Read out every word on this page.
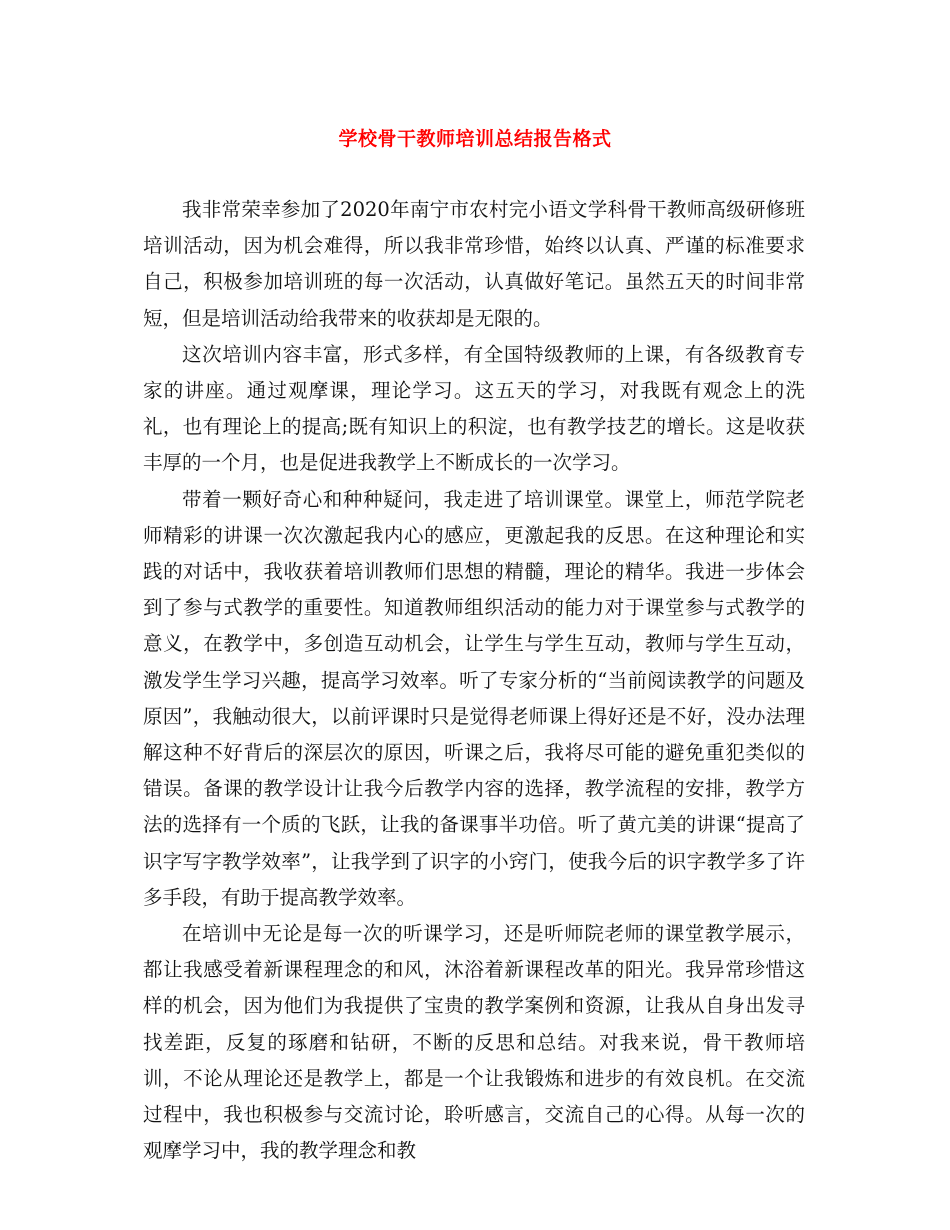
学校骨干教师培训总结报告格式

我非常荣幸参加了2020年南宁市农村完小语文学科骨干教师高级研修班培训活动，因为机会难得，所以我非常珍惜，始终以认真、严谨的标准要求自己，积极参加培训班的每一次活动，认真做好笔记。虽然五天的时间非常短，但是培训活动给我带来的收获却是无限的。

这次培训内容丰富，形式多样，有全国特级教师的上课，有各级教育专家的讲座。通过观摩课，理论学习。这五天的学习，对我既有观念上的洗礼，也有理论上的提高;既有知识上的积淀，也有教学技艺的增长。这是收获丰厚的一个月，也是促进我教学上不断成长的一次学习。

带着一颗好奇心和种种疑问，我走进了培训课堂。课堂上，师范学院老师精彩的讲课一次次激起我内心的感应，更激起我的反思。在这种理论和实践的对话中，我收获着培训教师们思想的精髓，理论的精华。我进一步体会到了参与式教学的重要性。知道教师组织活动的能力对于课堂参与式教学的意义，在教学中，多创造互动机会，让学生与学生互动，教师与学生互动，激发学生学习兴趣，提高学习效率。听了专家分析的“当前阅读教学的问题及原因”，我触动很大，以前评课时只是觉得老师课上得好还是不好，没办法理解这种不好背后的深层次的原因，听课之后，我将尽可能的避免重犯类似的错误。备课的教学设计让我今后教学内容的选择，教学流程的安排，教学方法的选择有一个质的飞跃，让我的备课事半功倍。听了黄亢美的讲课“提高了识字写字教学效率”，让我学到了识字的小窍门，使我今后的识字教学多了许多手段，有助于提高教学效率。

在培训中无论是每一次的听课学习，还是听师院老师的课堂教学展示，都让我感受着新课程理念的和风，沐浴着新课程改革的阳光。我异常珍惜这样的机会，因为他们为我提供了宝贵的教学案例和资源，让我从自身出发寻找差距，反复的琢磨和钻研，不断的反思和总结。对我来说，骨干教师培训，不论从理论还是教学上，都是一个让我锻炼和进步的有效良机。在交流过程中，我也积极参与交流讨论，聆听感言，交流自己的心得。从每一次的观摩学习中，我的教学理念和教
